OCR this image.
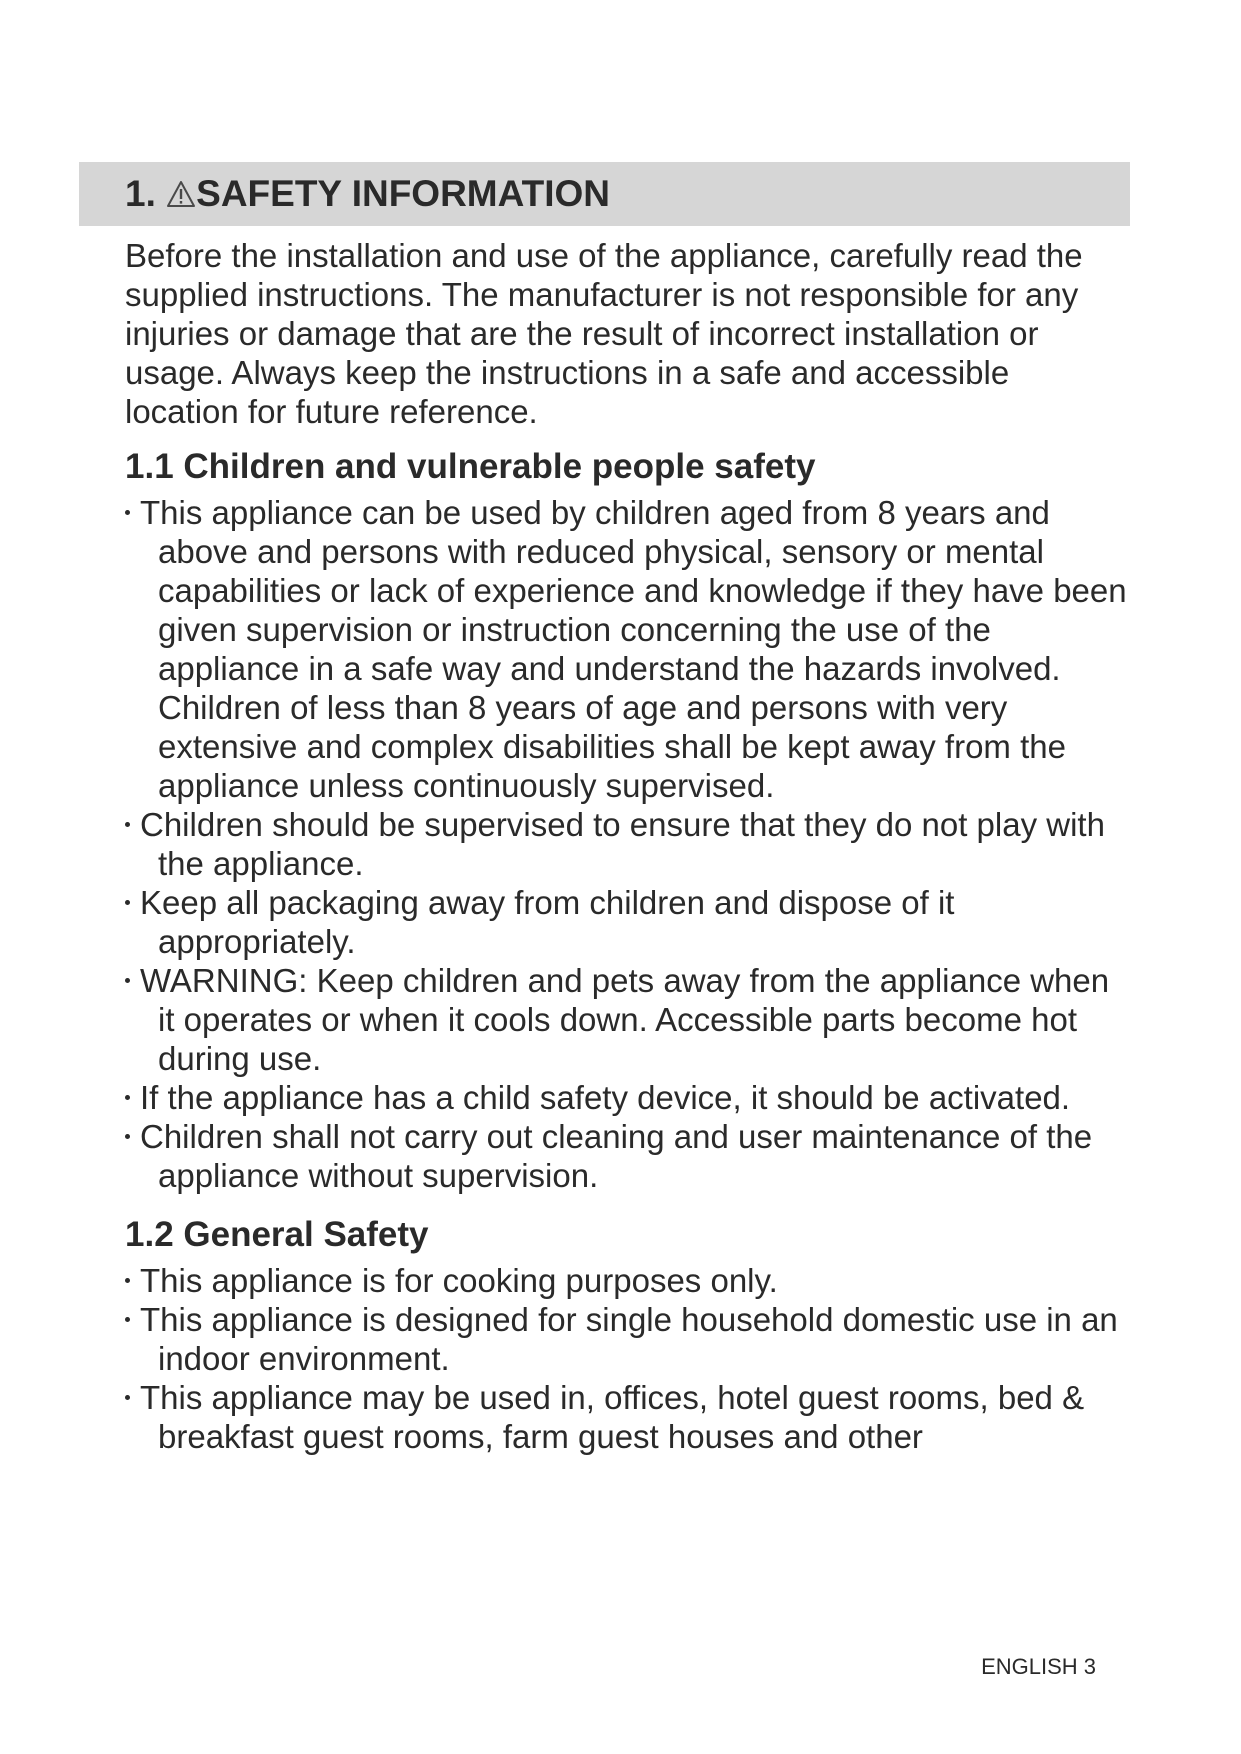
1. SAFETY INFORMATION

Before the installation and use of the appliance, carefully read the supplied instructions. The manufacturer is not responsible for any injuries or damage that are the result of incorrect installation or usage. Always keep the instructions in a safe and accessible location for future reference.

1.1 Children and vulnerable people safety
This appliance can be used by children aged from 8 years and above and persons with reduced physical, sensory or mental capabilities or lack of experience and knowledge if they have been given supervision or instruction concerning the use of the appliance in a safe way and understand the hazards involved. Children of less than 8 years of age and persons with very extensive and complex disabilities shall be kept away from the appliance unless continuously supervised.
Children should be supervised to ensure that they do not play with the appliance.
Keep all packaging away from children and dispose of it appropriately.
WARNING: Keep children and pets away from the appliance when it operates or when it cools down. Accessible parts become hot during use.
If the appliance has a child safety device, it should be activated.
Children shall not carry out cleaning and user maintenance of the appliance without supervision.
1.2 General Safety
This appliance is for cooking purposes only.
This appliance is designed for single household domestic use in an indoor environment.
This appliance may be used in, offices, hotel guest rooms, bed & breakfast guest rooms, farm guest houses and other
ENGLISH 3
